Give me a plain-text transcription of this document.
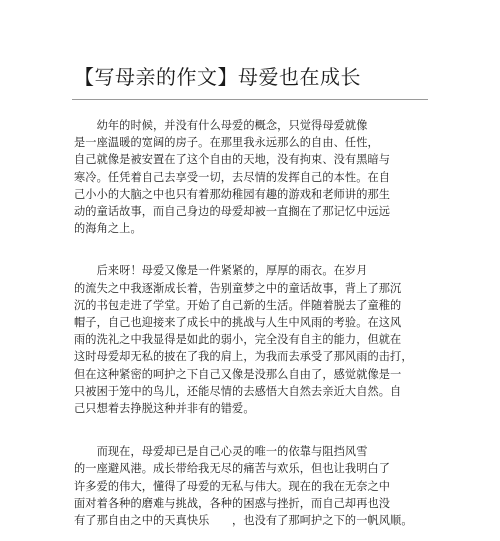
【写母亲的作文】母爱也在成长
　　幼年的时候，并没有什么母爱的概念，只觉得母爱就像
是一座温暖的宽阔的房子。在那里我永远那么的自由、任性，
自己就像是被安置在了这个自由的天地，没有拘束、没有黑暗与
寒冷。任凭着自己去享受一切，去尽情的发挥自己的本性。在自
己小小的大脑之中也只有着那幼稚园有趣的游戏和老师讲的那生
动的童话故事，而自己身边的母爱却被一直搁在了那记忆中远远
的海角之上。
　　后来呀！母爱又像是一件紧紧的，厚厚的雨衣。在岁月
的流失之中我逐渐成长着，告别童梦之中的童话故事，背上了那沉
沉的书包走进了学堂。开始了自己新的生活。伴随着脱去了童稚的
帽子，自己也迎接来了成长中的挑战与人生中风雨的考验。在这风
雨的洗礼之中我显得是如此的弱小，完全没有自主的能力，但就在
这时母爱却无私的披在了我的肩上，为我而去承受了那风雨的击打，
但在这种紧密的呵护之下自己又像是没那么自由了，感觉就像是一
只被困于笼中的鸟儿，还能尽情的去感悟大自然去亲近大自然。自
己只想着去挣脱这种并非有的错爱。
　　而现在，母爱却已是自己心灵的唯一的依靠与阻挡风雪
的一座避风港。成长带给我无尽的痛苦与欢乐，但也让我明白了
许多爱的伟大，懂得了母爱的无私与伟大。现在的我在无奈之中
面对着各种的磨难与挑战，各种的困惑与挫折，而自己却再也没
有了那自由之中的天真快乐　　，也没有了那呵护之下的一帆风顺。
